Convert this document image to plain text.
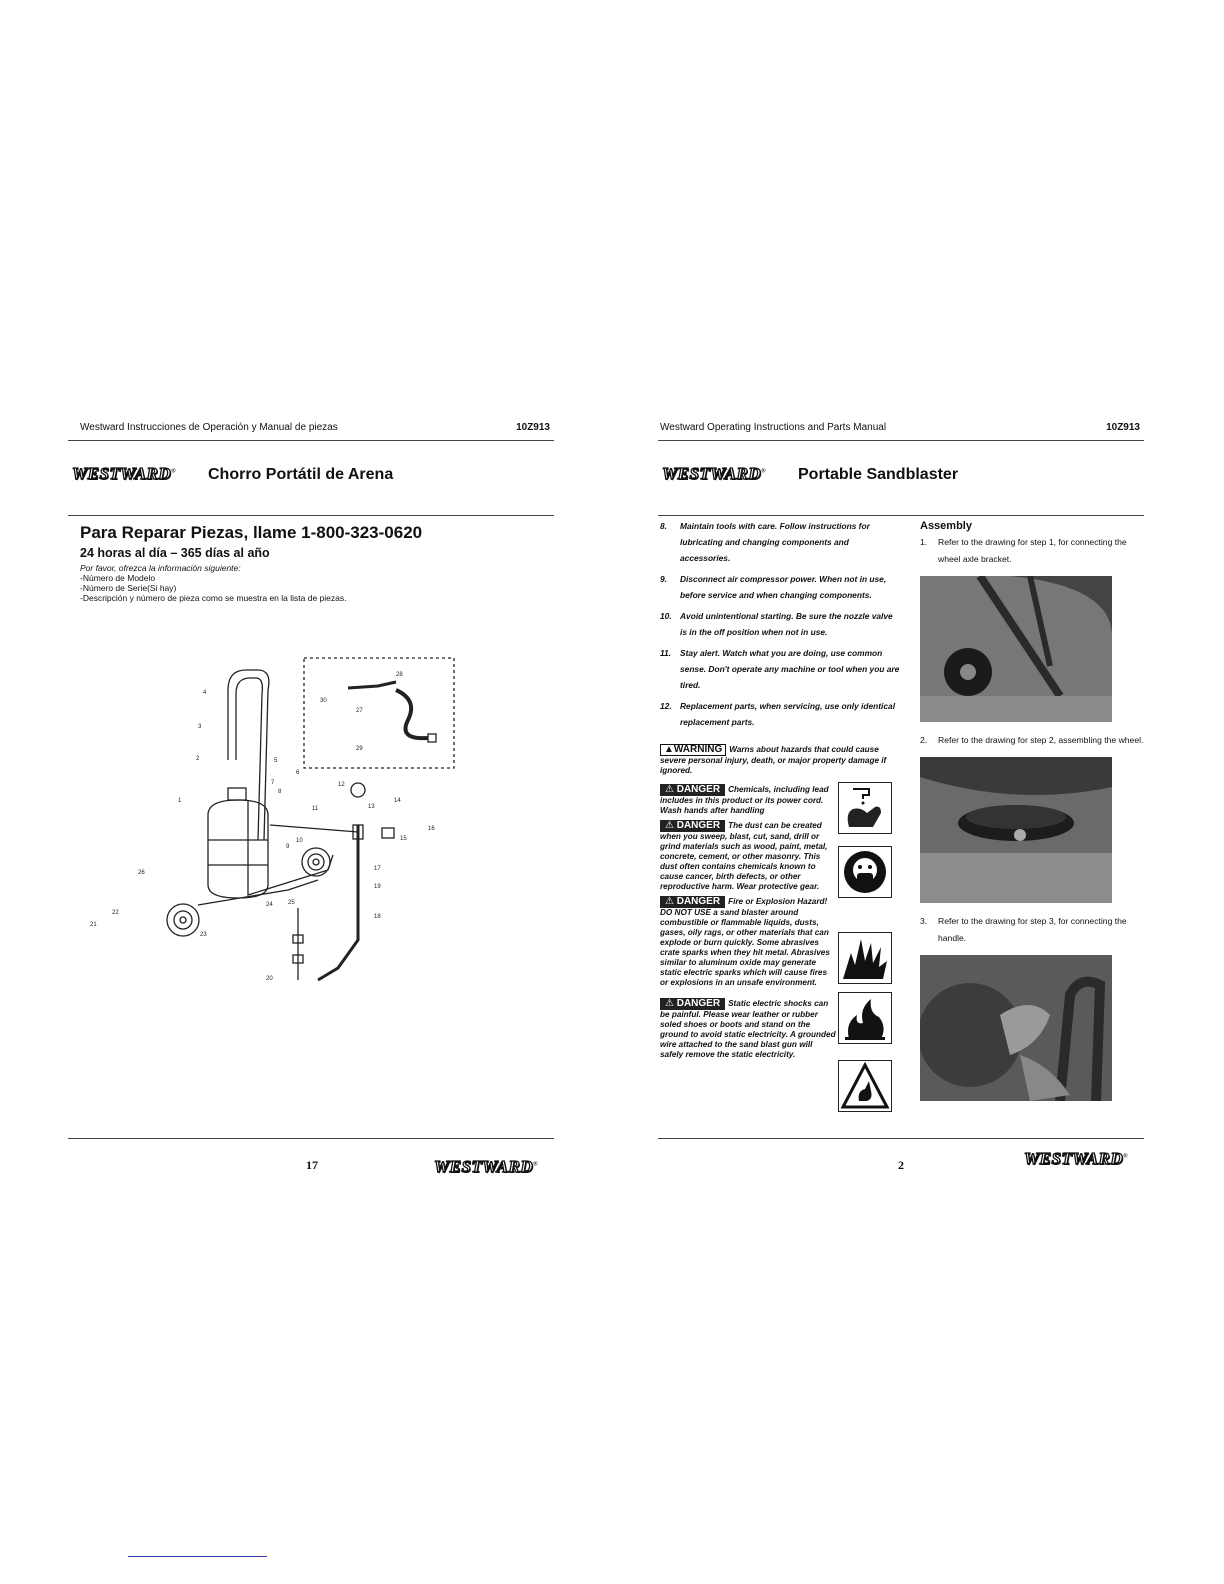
Westward Instrucciones de Operación y Manual de piezas	10Z913
WESTWARD® Chorro Portátil de Arena
Para Reparar Piezas, llame 1-800-323-0620
24 horas al día – 365 días al año
Por favor, ofrezca la información siguiente:
-Número de Modelo
-Número de Serie(Si hay)
-Descripción y número de pieza como se muestra en la lista de piezas.
1
2
3
4
5
6
7
8
9
10
11
12
13
14
15
16
17
18
19
20
21
22
23
24	25
26
27
28
29
30
17	WESTWARD®
Westward Operating Instructions and Parts Manual	10Z913
WESTWARD® Portable Sandblaster
8.	Maintain tools with care. Follow instructions for lubricating and changing components and accessories.
9.	Disconnect air compressor power. When not in use, before service and when changing components.
10. Avoid unintentional starting. Be sure the nozzle valve is in the off position when not in use.
11.	Stay alert. Watch what you are doing, use common sense. Don't operate any machine or tool when you are tired.
12. Replacement parts, when servicing, use only identical replacement parts.
▲WARNING Warns about hazards that could cause severe personal injury, death, or major property damage if ignored.
⚠ DANGER Chemicals, including lead includes in this product or its power cord. Wash hands after handling
⚠ DANGER The dust can be created when you sweep, blast, cut, sand, drill or grind materials such as wood, paint, metal, concrete, cement, or other masonry. This dust often contains chemicals known to cause cancer, birth defects, or other reproductive harm. Wear protective gear.
⚠ DANGER Fire or Explosion Hazard! DO NOT USE a sand blaster around combustible or flammable liquids, dusts, gases, oily rags, or other materials that can explode or burn quickly. Some abrasives crate sparks when they hit metal. Abrasives similar to aluminum oxide may generate static electric sparks which will cause fires or explosions in an unsafe environment.
⚠ DANGER Static electric shocks can be painful. Please wear leather or rubber soled shoes or boots and stand on the ground to avoid static electricity. A grounded wire attached to the sand blast gun will safely remove the static electricity.
Assembly
1.	Refer to the drawing for step 1, for connecting the wheel axle bracket.
2.	Refer to the drawing for step 2, assembling the wheel.
3.	Refer to the drawing for step 3, for connecting the handle.
2	WESTWARD®
